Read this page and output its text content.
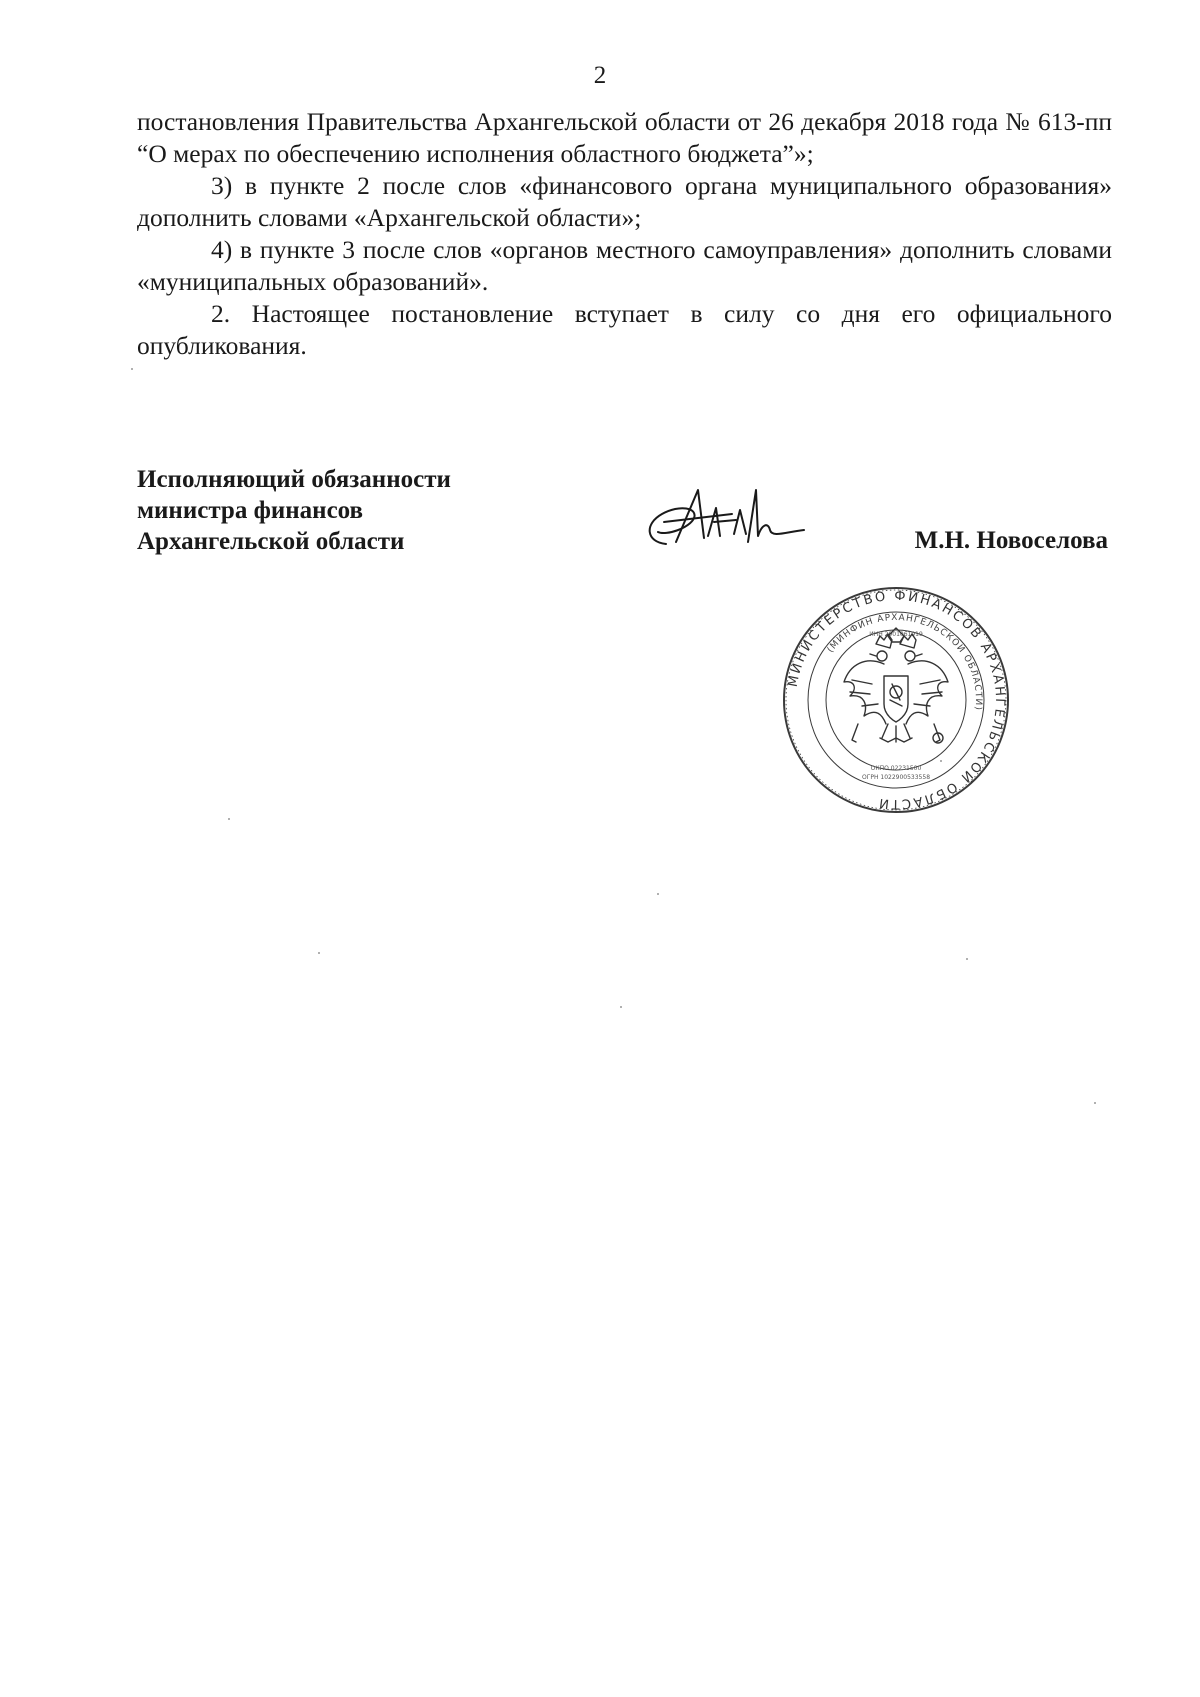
2

постановления Правительства Архангельской области от 26 декабря 2018 года № 613-пп “О мерах по обеспечению исполнения областного бюджета”»;

3) в пункте 2 после слов «финансового органа муниципального образования» дополнить словами «Архангельской области»;

4) в пункте 3 после слов «органов местного самоуправления» дополнить словами «муниципальных образований».

2. Настоящее постановление вступает в силу со дня его официального опубликования.

Исполняющий обязанности
министра финансов
Архангельской области	М.Н. Новоселова
МИНИСТЕРСТВО ФИНАНСОВ АРХАНГЕЛЬСКОЙ ОБЛАСТИ
(МИНФИН АРХАНГЕЛЬСКОЙ ОБЛАСТИ)
ИНН 2901061919
ОКПО 02231500
ОГРН 1022900533558
